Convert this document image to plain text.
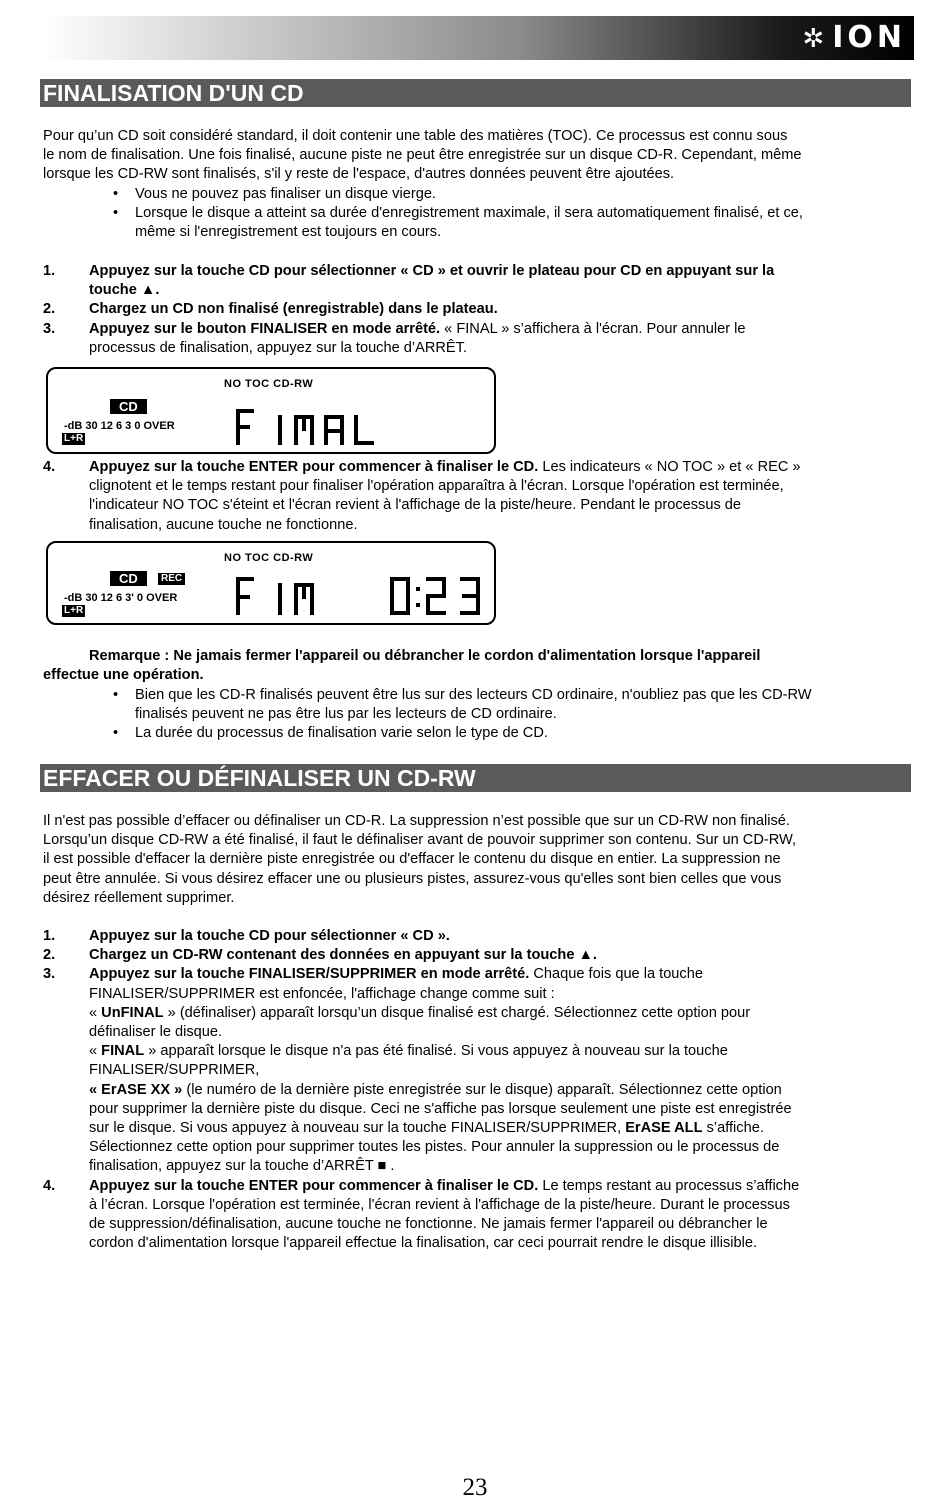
✲ ION
FINALISATION D'UN CD
Pour qu’un CD soit considéré standard, il doit contenir une table des matières (TOC). Ce processus est connu sous
le nom de finalisation. Une fois finalisé, aucune piste ne peut être enregistrée sur un disque CD-R. Cependant, même
lorsque les CD-RW sont finalisés, s'il y reste de l'espace, d'autres données peuvent être ajoutées.
• Vous ne pouvez pas finaliser un disque vierge.
• Lorsque le disque a atteint sa durée d'enregistrement maximale, il sera automatiquement finalisé, et ce,
même si l'enregistrement est toujours en cours.
1. Appuyez sur la touche CD pour sélectionner « CD » et ouvrir le plateau pour CD en appuyant sur la
touche ▲.
2. Chargez un CD non finalisé (enregistrable) dans le plateau.
3. Appuyez sur le bouton FINALISER en mode arrêté. « FINAL » s’affichera à l'écran. Pour annuler le
processus de finalisation, appuyez sur la touche d’ARRÊT.
NO TOC CD-RW
CD
-dB 30 12 6 3 0 OVER
L+R
4. Appuyez sur la touche ENTER pour commencer à finaliser le CD. Les indicateurs « NO TOC » et « REC »
clignotent et le temps restant pour finaliser l'opération apparaîtra à l'écran. Lorsque l'opération est terminée,
l'indicateur NO TOC s'éteint et l'écran revient à l'affichage de la piste/heure. Pendant le processus de
finalisation, aucune touche ne fonctionne.
NO TOC CD-RW
CD	REC
-dB 30 12 6 3' 0 OVER
L+R
Remarque : Ne jamais fermer l'appareil ou débrancher le cordon d'alimentation lorsque l'appareil
effectue une opération.
• Bien que les CD-R finalisés peuvent être lus sur des lecteurs CD ordinaire, n'oubliez pas que les CD-RW
finalisés peuvent ne pas être lus par les lecteurs de CD ordinaire.
• La durée du processus de finalisation varie selon le type de CD.
EFFACER OU DÉFINALISER UN CD-RW
Il n'est pas possible d’effacer ou définaliser un CD-R. La suppression n’est possible que sur un CD-RW non finalisé.
Lorsqu’un disque CD-RW a été finalisé, il faut le définaliser avant de pouvoir supprimer son contenu. Sur un CD-RW,
il est possible d'effacer la dernière piste enregistrée ou d'effacer le contenu du disque en entier. La suppression ne
peut être annulée. Si vous désirez effacer une ou plusieurs pistes, assurez-vous qu'elles sont bien celles que vous
désirez réellement supprimer.
1. Appuyez sur la touche CD pour sélectionner « CD ».
2. Chargez un CD-RW contenant des données en appuyant sur la touche ▲.
3. Appuyez sur la touche FINALISER/SUPPRIMER en mode arrêté. Chaque fois que la touche
FINALISER/SUPPRIMER est enfoncée, l'affichage change comme suit :
« UnFINAL » (définaliser) apparaît lorsqu’un disque finalisé est chargé. Sélectionnez cette option pour
définaliser le disque.
« FINAL » apparaît lorsque le disque n'a pas été finalisé. Si vous appuyez à nouveau sur la touche
FINALISER/SUPPRIMER,
« ErASE XX » (le numéro de la dernière piste enregistrée sur le disque) apparaît. Sélectionnez cette option
pour supprimer la dernière piste du disque. Ceci ne s'affiche pas lorsque seulement une piste est enregistrée
sur le disque. Si vous appuyez à nouveau sur la touche FINALISER/SUPPRIMER, ErASE ALL s’affiche.
Sélectionnez cette option pour supprimer toutes les pistes. Pour annuler la suppression ou le processus de
finalisation, appuyez sur la touche d’ARRÊT ■ .
4. Appuyez sur la touche ENTER pour commencer à finaliser le CD. Le temps restant au processus s’affiche
à l’écran. Lorsque l'opération est terminée, l'écran revient à l'affichage de la piste/heure. Durant le processus
de suppression/définalisation, aucune touche ne fonctionne. Ne jamais fermer l'appareil ou débrancher le
cordon d'alimentation lorsque l'appareil effectue la finalisation, car ceci pourrait rendre le disque illisible.
23
